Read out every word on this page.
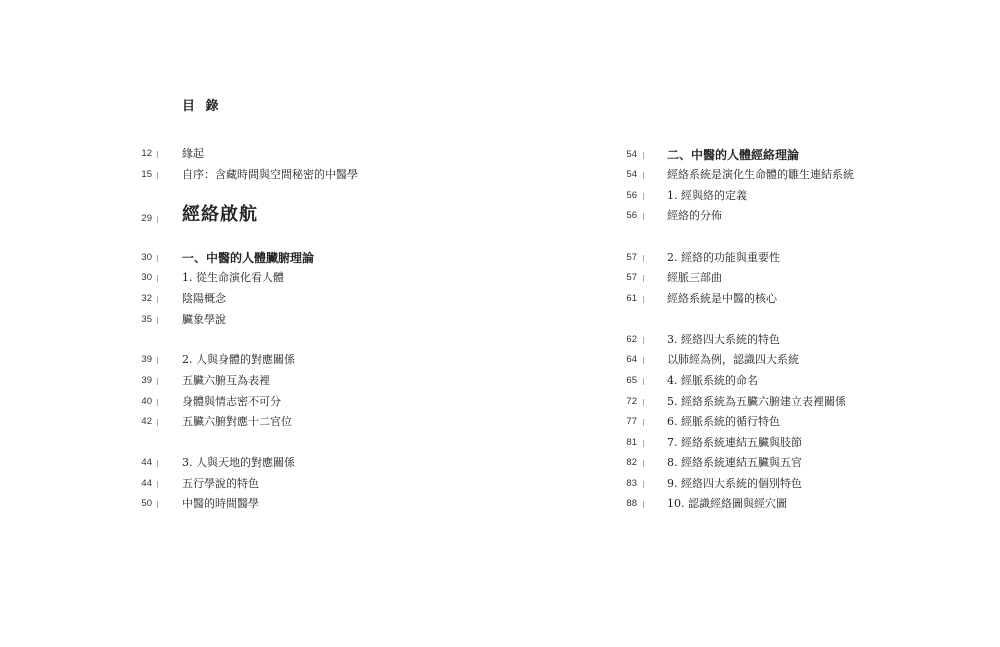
目 錄
12	緣起
15	自序：含藏時間與空間秘密的中醫學
29 經絡啟航
30	一、中醫的人體臟腑理論
30	1. 從生命演化看人體
32	陰陽概念
35	臟象學說
39	2. 人與身體的對應關係
39	五臟六腑互為表裡
40	身體與情志密不可分
42	五臟六腑對應十二官位
44	3. 人與天地的對應關係
44	五行學說的特色
50	中醫的時間醫學
54	二、中醫的人體經絡理論
54	經絡系統是演化生命體的雛生連結系統
56	1. 經與絡的定義
56	經絡的分佈
57	2. 經絡的功能與重要性
57	經脈三部曲
61	經絡系統是中醫的核心
62	3. 經絡四大系統的特色
64	以肺經為例，認識四大系統
65	4. 經脈系統的命名
72	5. 經絡系統為五臟六腑建立表裡關係
77	6. 經脈系統的循行特色
81	7. 經絡系統連結五臟與肢節
82	8. 經絡系統連結五臟與五官
83	9. 經絡四大系統的個別特色
88	10. 認識經絡圖與經穴圖
